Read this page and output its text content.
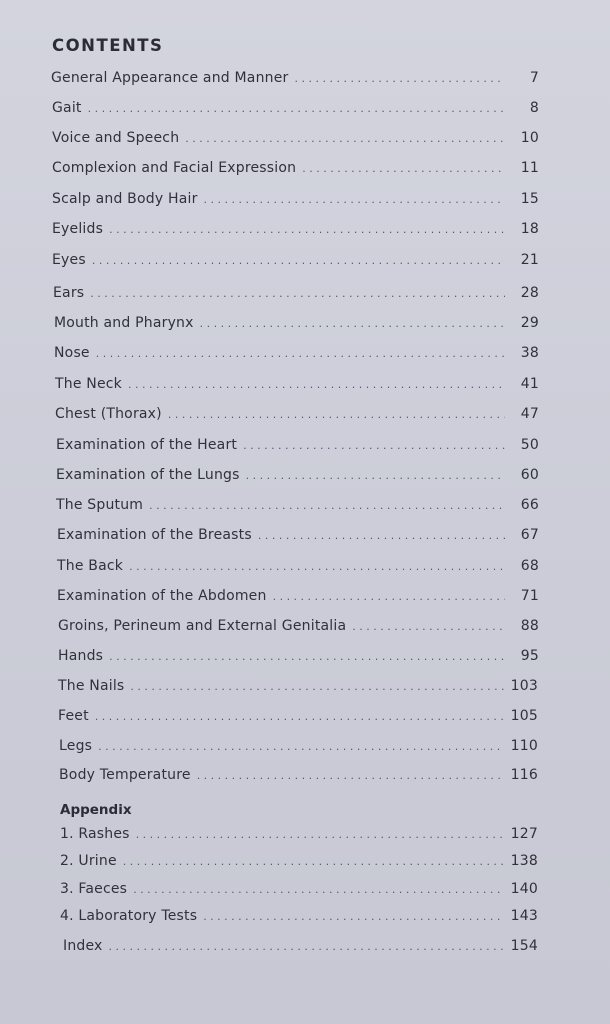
CONTENTS
General Appearance and Manner . . .	7
Gait . . .	8
Voice and Speech . . .	10
Complexion and Facial Expression . . .	11
Scalp and Body Hair . . .	15
Eyelids . . .	18
Eyes . . .	21
Ears . . .	28
Mouth and Pharynx . . .	29
Nose . . .	38
The Neck . . .	41
Chest (Thorax) . . .	47
Examination of the Heart . . .	50
Examination of the Lungs . . .	60
The Sputum . . .	66
Examination of the Breasts . . .	67
The Back . . .	68
Examination of the Abdomen . . .	71
Groins, Perineum and External Genitalia . . .	88
Hands . . .	95
The Nails . . .	103
Feet . . .	105
Legs . . .	110
Body Temperature . . .	116
Appendix
1. Rashes . . .	127
2. Urine . . .	138
3. Faeces . . .	140
4. Laboratory Tests . . .	143
Index . . .	154
